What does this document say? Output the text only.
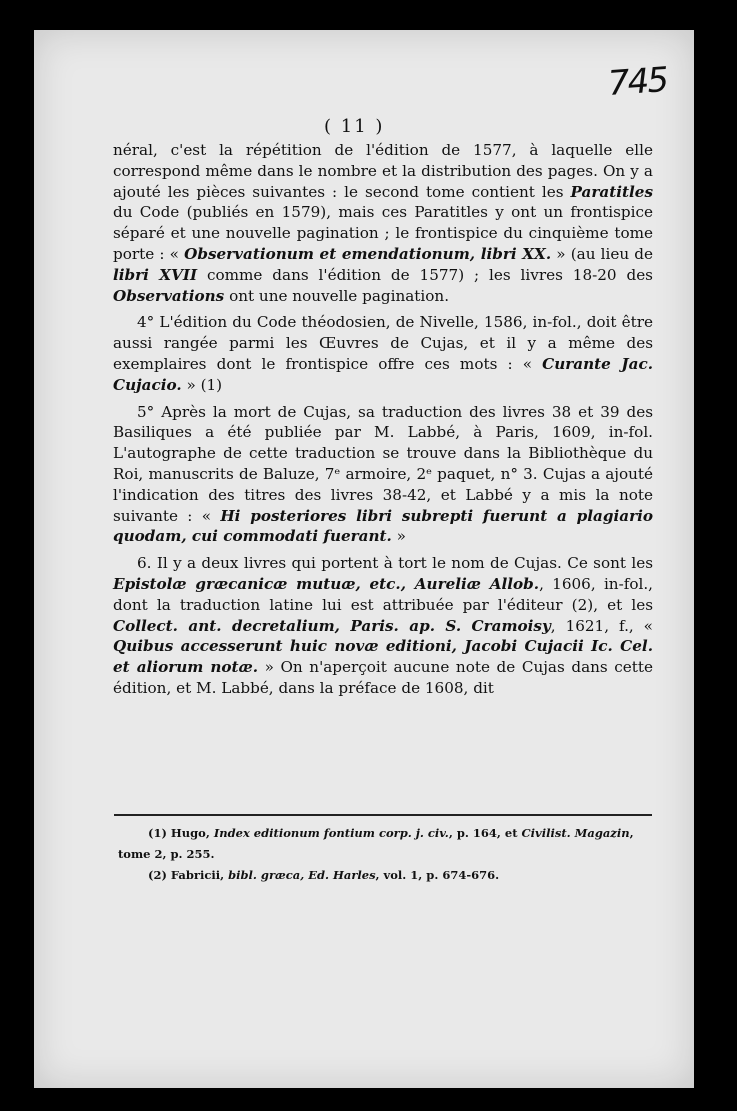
745
( 11 )

néral, c'est la répétition de l'édition de 1577, à laquelle elle correspond même dans le nombre et la distribution des pages. On y a ajouté les pièces suivantes : le second tome contient les Paratitles du Code (publiés en 1579), mais ces Paratitles y ont un frontispice séparé et une nouvelle pagination ; le frontispice du cinquième tome porte : « Observationum et emendationum, libri XX. » (au lieu de libri XVII comme dans l'édition de 1577) ; les livres 18-20 des Observations ont une nouvelle pagination.

4° L'édition du Code théodosien, de Nivelle, 1586, in-fol., doit être aussi rangée parmi les Œuvres de Cujas, et il y a même des exemplaires dont le frontispice offre ces mots : « Curante Jac. Cujacio. » (1)

5° Après la mort de Cujas, sa traduction des livres 38 et 39 des Basiliques a été publiée par M. Labbé, à Paris, 1609, in-fol. L'autographe de cette traduction se trouve dans la Bibliothèque du Roi, manuscrits de Baluze, 7ᵉ armoire, 2ᵉ paquet, n° 3. Cujas a ajouté l'indication des titres des livres 38-42, et Labbé y a mis la note suivante : « Hi posteriores libri subrepti fuerunt a plagiario quodam, cui commodati fuerant. »

6. Il y a deux livres qui portent à tort le nom de Cujas. Ce sont les Epistolæ græcanicæ mutuæ, etc., Aureliæ Allob., 1606, in-fol., dont la traduction latine lui est attribuée par l'éditeur (2), et les Collect. ant. decretalium, Paris. ap. S. Cramoisy, 1621, f., « Quibus accesserunt huic novæ editioni, Jacobi Cujacii Ic. Cel. et aliorum notæ. » On n'aperçoit aucune note de Cujas dans cette édition, et M. Labbé, dans la préface de 1608, dit

(1) Hugo, Index editionum fontium corp. j. civ., p. 164, et Civilist. Magazin, tome 2, p. 255.

(2) Fabricii, bibl. græca, Ed. Harles, vol. 1, p. 674-676.
